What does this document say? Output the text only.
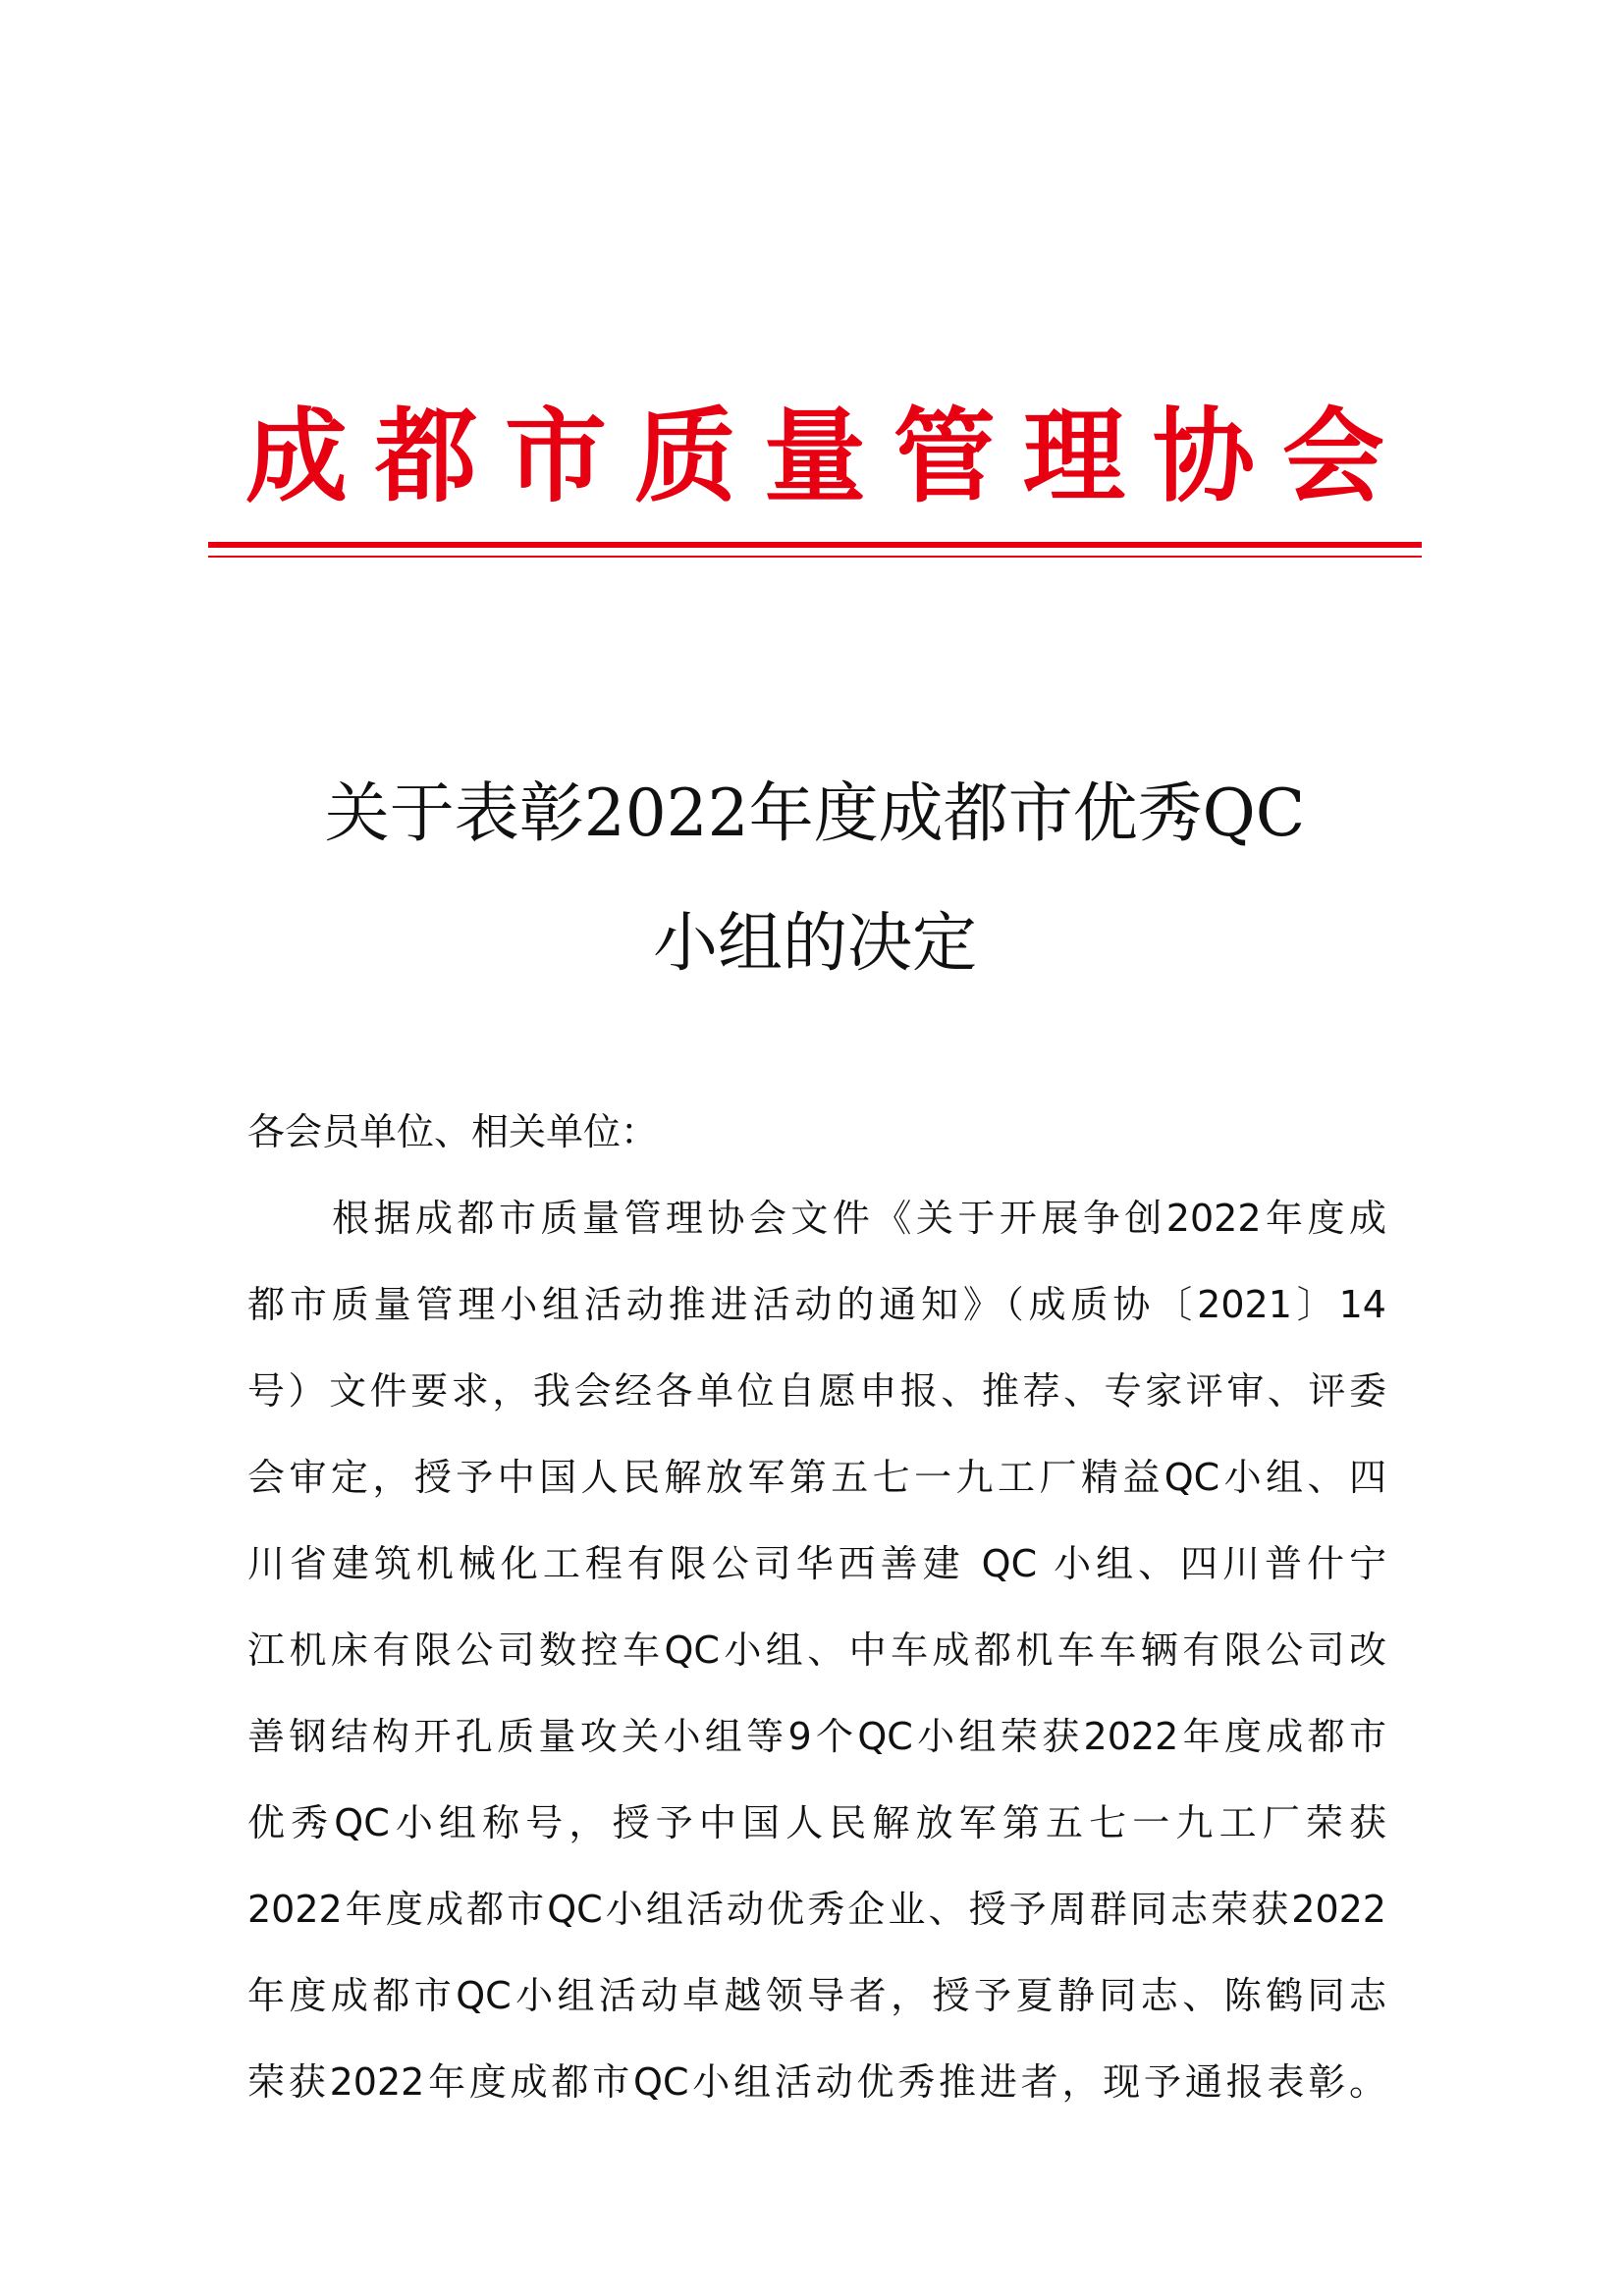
成 都 市 质 量 管 理 协 会
关于表彰2022年度成都市优秀QC
小组的决定
各会员单位、相关单位：
根据成都市质量管理协会文件《关于开展争创2022年度成
都市质量管理小组活动推进活动的通知》（成质协〔2021〕14
号）文件要求，我会经各单位自愿申报、推荐、专家评审、评委
会审定，授予中国人民解放军第五七一九工厂精益QC小组、四
川省建筑机械化工程有限公司华西善建 QC 小组、四川普什宁
江机床有限公司数控车QC小组、中车成都机车车辆有限公司改
善钢结构开孔质量攻关小组等9个QC小组荣获2022年度成都市
优秀QC小组称号，授予中国人民解放军第五七一九工厂荣获
2022年度成都市QC小组活动优秀企业、授予周群同志荣获2022
年度成都市QC小组活动卓越领导者，授予夏静同志、陈鹤同志
荣获2022年度成都市QC小组活动优秀推进者，现予通报表彰。
